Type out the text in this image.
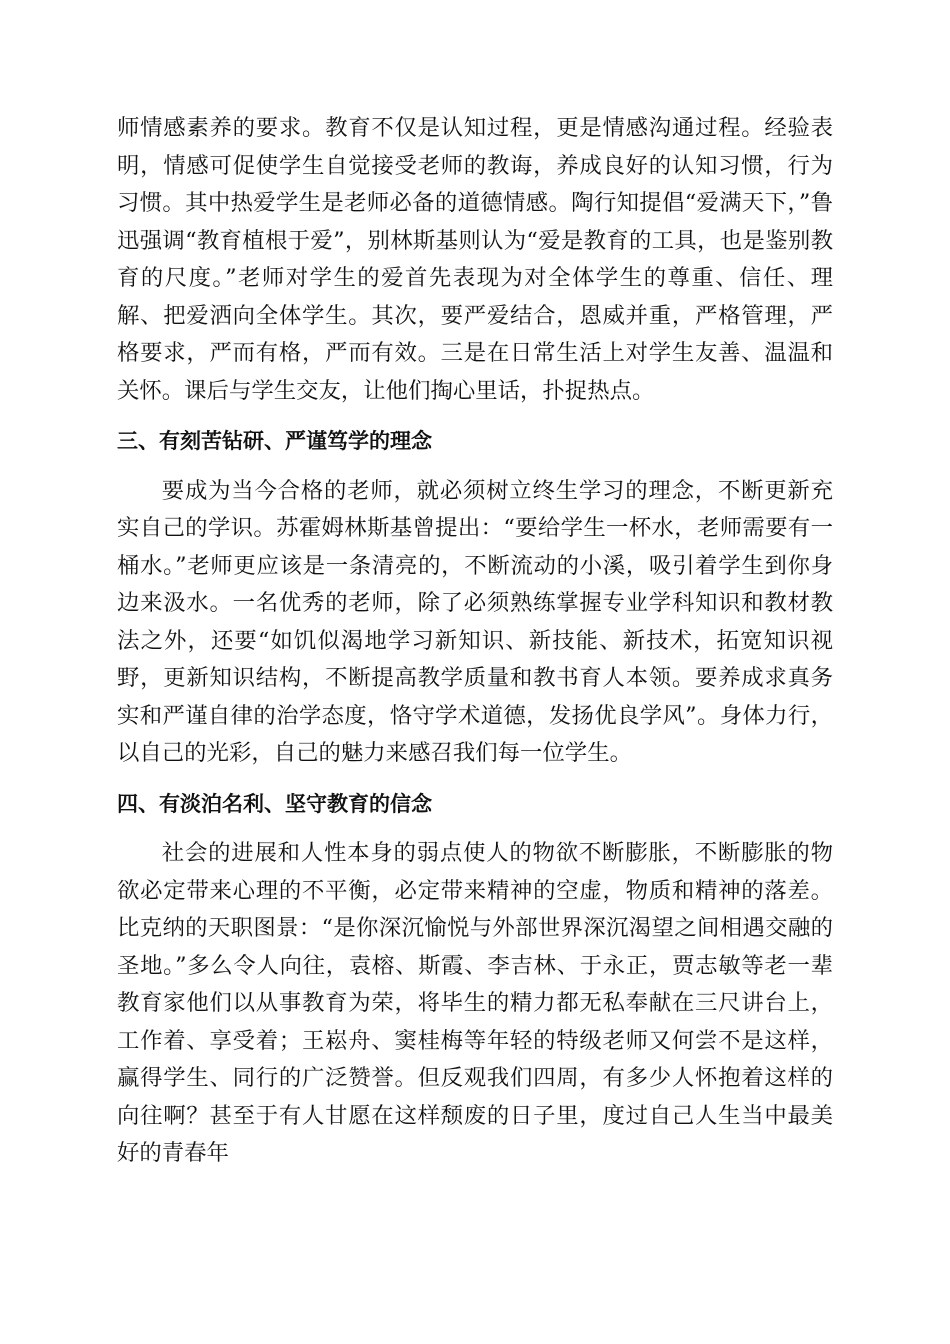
师情感素养的要求。教育不仅是认知过程，更是情感沟通过程。经验表明，情感可促使学生自觉接受老师的教诲，养成良好的认知习惯，行为习惯。其中热爱学生是老师必备的道德情感。陶行知提倡“爱满天下，”鲁迅强调“教育植根于爱”，别林斯基则认为“爱是教育的工具，也是鉴别教育的尺度。”老师对学生的爱首先表现为对全体学生的尊重、信任、理解、把爱洒向全体学生。其次，要严爱结合，恩威并重，严格管理，严格要求，严而有格，严而有效。三是在日常生活上对学生友善、温温和关怀。课后与学生交友，让他们掏心里话，扑捉热点。

三、有刻苦钻研、严谨笃学的理念

要成为当今合格的老师，就必须树立终生学习的理念，不断更新充实自己的学识。苏霍姆林斯基曾提出：“要给学生一杯水，老师需要有一桶水。”老师更应该是一条清亮的，不断流动的小溪，吸引着学生到你身边来汲水。一名优秀的老师，除了必须熟练掌握专业学科知识和教材教法之外，还要“如饥似渴地学习新知识、新技能、新技术，拓宽知识视野，更新知识结构，不断提高教学质量和教书育人本领。要养成求真务实和严谨自律的治学态度，恪守学术道德，发扬优良学风”。身体力行，以自己的光彩，自己的魅力来感召我们每一位学生。

四、有淡泊名利、坚守教育的信念

社会的进展和人性本身的弱点使人的物欲不断膨胀，不断膨胀的物欲必定带来心理的不平衡，必定带来精神的空虚，物质和精神的落差。比克纳的天职图景：“是你深沉愉悦与外部世界深沉渴望之间相遇交融的圣地。”多么令人向往，袁榕、斯霞、李吉林、于永正，贾志敏等老一辈教育家他们以从事教育为荣，将毕生的精力都无私奉献在三尺讲台上，工作着、享受着；王崧舟、窦桂梅等年轻的特级老师又何尝不是这样，赢得学生、同行的广泛赞誉。但反观我们四周，有多少人怀抱着这样的向往啊？甚至于有人甘愿在这样颓废的日子里，度过自己人生当中最美好的青春年
